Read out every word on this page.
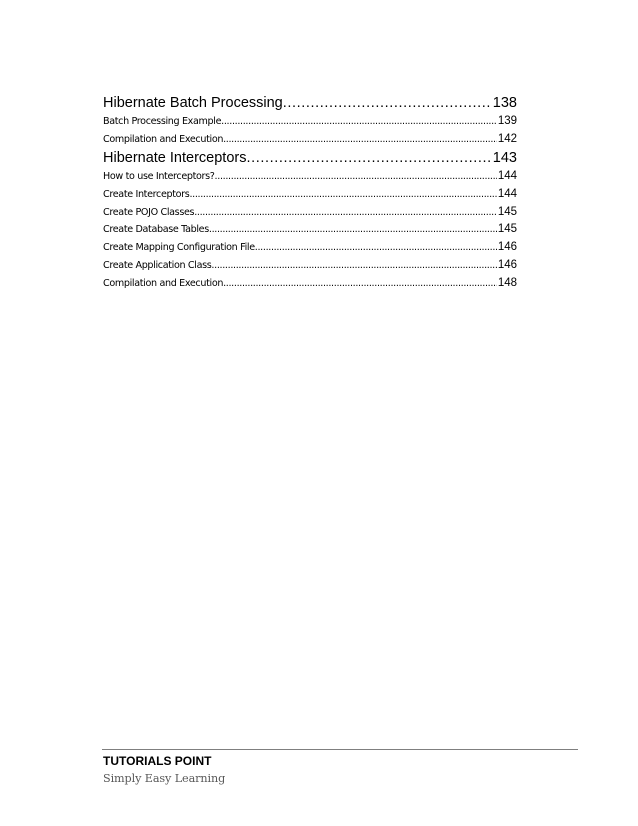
Hibernate Batch Processing .....	138
Batch Processing Example .....	139
Compilation and Execution .....	142
Hibernate Interceptors .....	143
How to use Interceptors? .....	144
Create Interceptors .....	144
Create POJO Classes .....	145
Create Database Tables .....	145
Create Mapping Configuration File .....	146
Create Application Class .....	146
Compilation and Execution .....	148
TUTORIALS POINT
Simply Easy Learning
